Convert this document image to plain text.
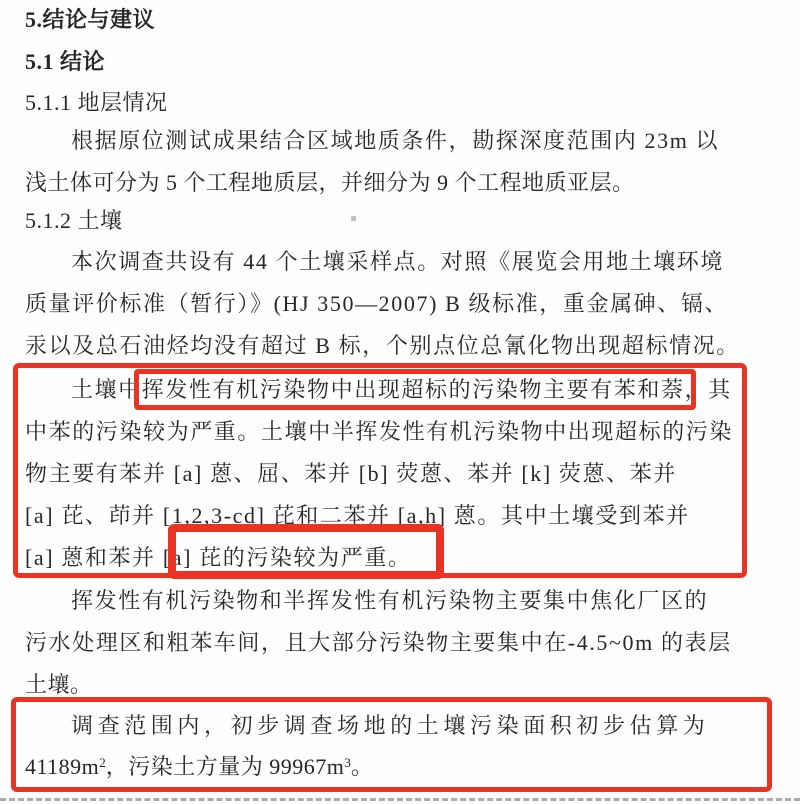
5.结论与建议
5.1 结论
5.1.1 地层情况
根据原位测试成果结合区域地质条件，勘探深度范围内 23m 以
浅土体可分为 5 个工程地质层，并细分为 9 个工程地质亚层。
5.1.2 土壤
本次调查共设有 44 个土壤采样点。对照《展览会用地土壤环境
质量评价标准（暂行）》(HJ 350—2007) B 级标准，重金属砷、镉、
汞以及总石油烃均没有超过 B 标，个别点位总氰化物出现超标情况。
土壤中挥发性有机污染物中出现超标的污染物主要有苯和萘，其
中苯的污染较为严重。土壤中半挥发性有机污染物中出现超标的污染
物主要有苯并 [a] 蒽、屈、苯并 [b] 荧蒽、苯并 [k] 荧蒽、苯并
[a] 芘、茚并 [1,2,3-cd] 芘和二苯并 [a,h] 蒽。其中土壤受到苯并
[a] 蒽和苯并 [a] 芘的污染较为严重。
挥发性有机污染物和半挥发性有机污染物主要集中焦化厂区的
污水处理区和粗苯车间，且大部分污染物主要集中在-4.5~0m 的表层
土壤。
调查范围内，初步调查场地的土壤污染面积初步估算为
$41189m^2$，污染土方量为 $99967m^3$。
